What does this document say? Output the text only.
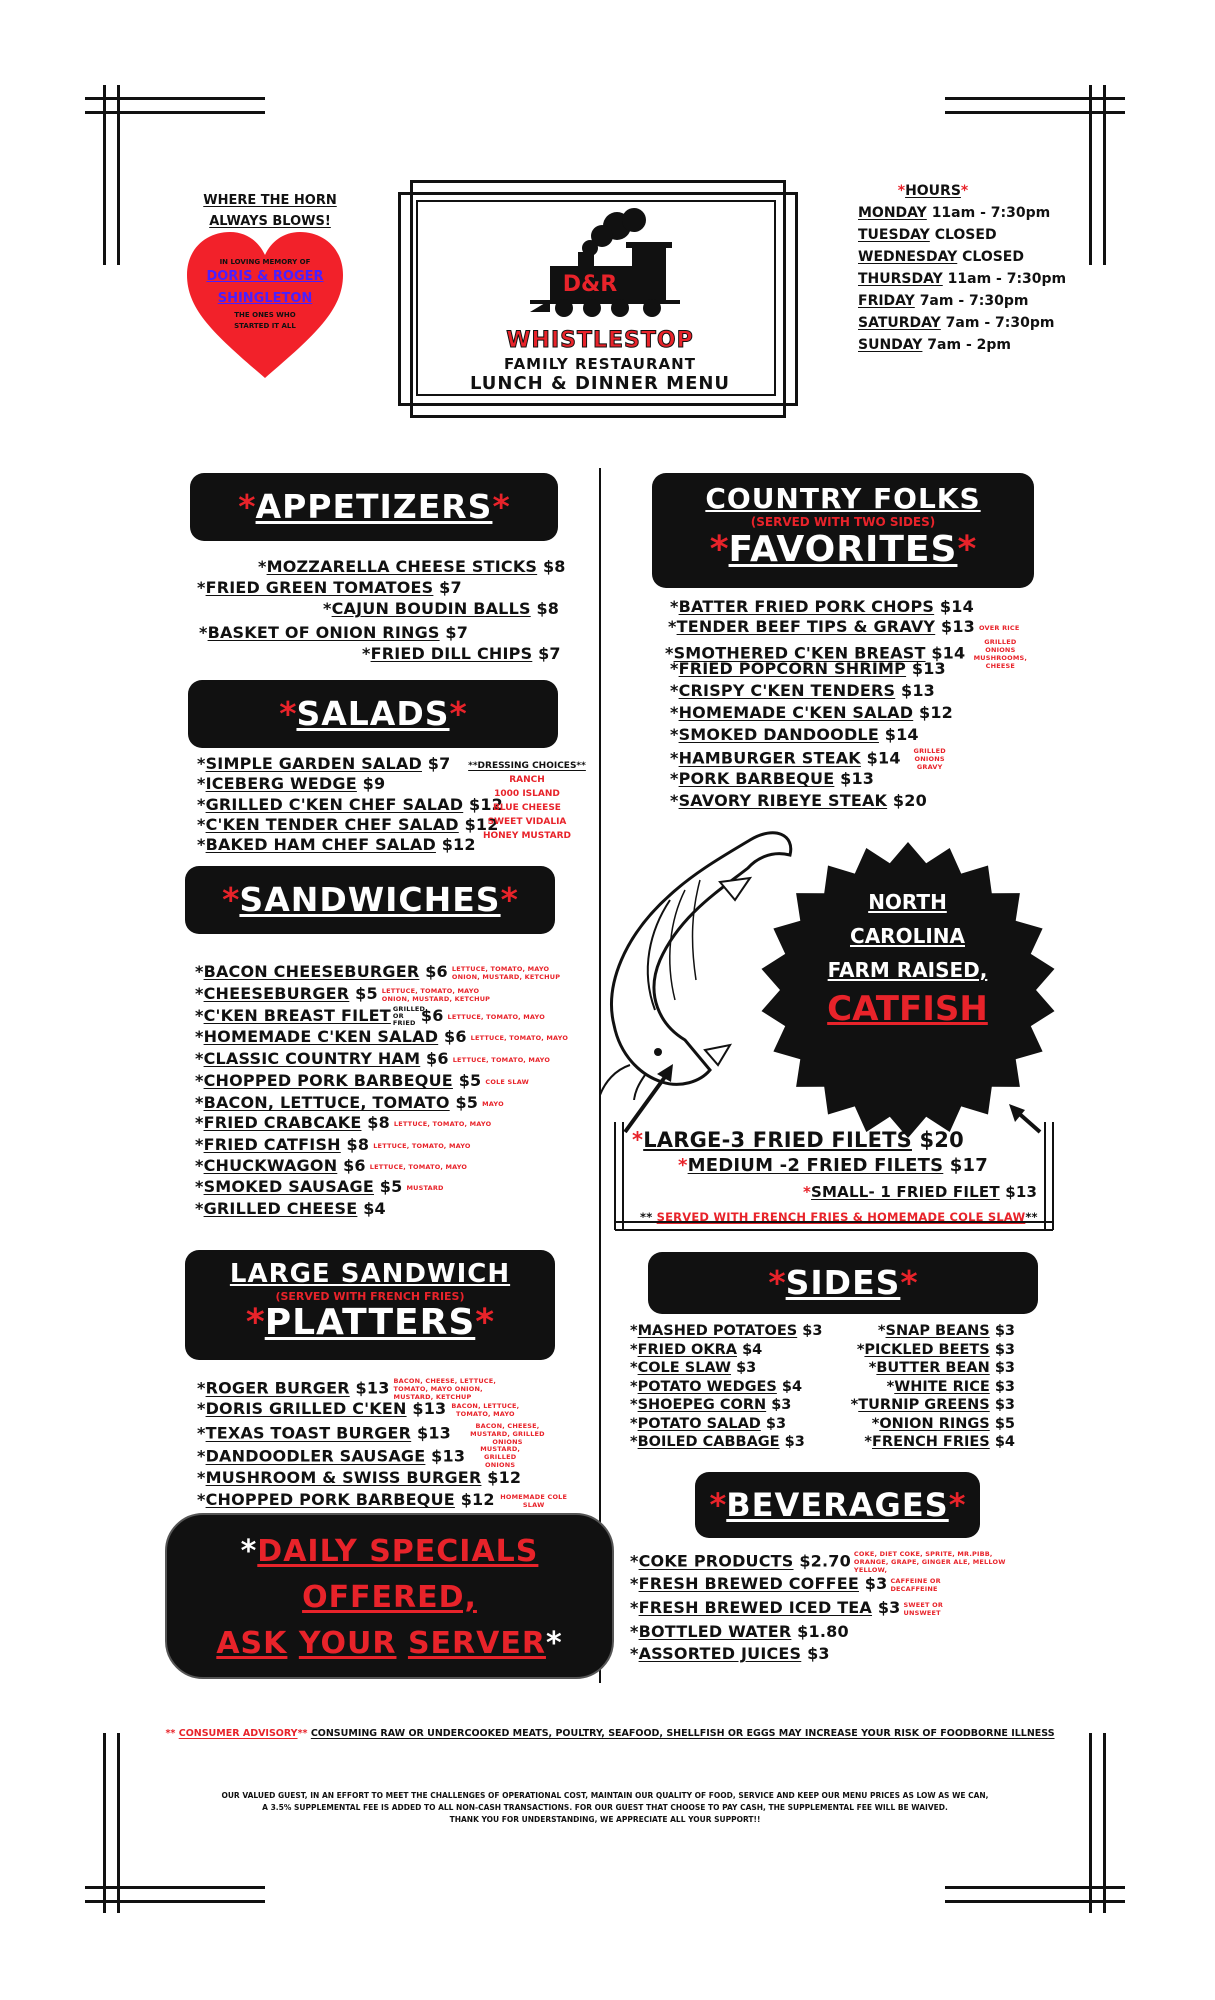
WHERE THE HORN
ALWAYS BLOWS!
IN LOVING MEMORY OF
DORIS & ROGER
SHINGLETON
THE ONES WHO
STARTED IT ALL
D&R
WHISTLESTOP
FAMILY RESTAURANT
LUNCH & DINNER MENU
*HOURS*
MONDAY 11am - 7:30pm
TUESDAY CLOSED
WEDNESDAY CLOSED
THURSDAY 11am - 7:30pm
FRIDAY 7am - 7:30pm
SATURDAY 7am - 7:30pm
SUNDAY 7am - 2pm
*APPETIZERS*
*MOZZARELLA CHEESE STICKS $8
*FRIED GREEN TOMATOES $7
*CAJUN BOUDIN BALLS $8
*BASKET OF ONION RINGS $7
*FRIED DILL CHIPS $7
*SALADS*
*SIMPLE GARDEN SALAD $7
*ICEBERG WEDGE $9
*GRILLED C'KEN CHEF SALAD $12
*C'KEN TENDER CHEF SALAD $12
*BAKED HAM CHEF SALAD $12
**DRESSING CHOICES**
RANCH
1000 ISLAND
BLUE CHEESE
SWEET VIDALIA
HONEY MUSTARD
*SANDWICHES*
*BACON CHEESEBURGER $6 LETTUCE, TOMATO, MAYO ONION, MUSTARD, KETCHUP
*CHEESEBURGER $5 LETTUCE, TOMATO, MAYO ONION, MUSTARD, KETCHUP
*C'KEN BREAST FILET GRILLED OR FRIED $6 LETTUCE, TOMATO, MAYO
*HOMEMADE C'KEN SALAD $6 LETTUCE, TOMATO, MAYO
*CLASSIC COUNTRY HAM $6 LETTUCE, TOMATO, MAYO
*CHOPPED PORK BARBEQUE $5 COLE SLAW
*BACON, LETTUCE, TOMATO $5 MAYO
*FRIED CRABCAKE $8 LETTUCE, TOMATO, MAYO
*FRIED CATFISH $8 LETTUCE, TOMATO, MAYO
*CHUCKWAGON $6 LETTUCE, TOMATO, MAYO
*SMOKED SAUSAGE $5 MUSTARD
*GRILLED CHEESE $4
LARGE SANDWICH
(SERVED WITH FRENCH FRIES)
*PLATTERS*
*ROGER BURGER $13 BACON, CHEESE, LETTUCE, TOMATO, MAYO ONION, MUSTARD, KETCHUP
*DORIS GRILLED C'KEN $13 BACON, LETTUCE, TOMATO, MAYO
*TEXAS TOAST BURGER $13	BACON, CHEESE, MUSTARD, GRILLED ONIONS
*DANDOODLER SAUSAGE $13 MUSTARD, GRILLED ONIONS
*MUSHROOM & SWISS BURGER $12
*CHOPPED PORK BARBEQUE $12 HOMEMADE COLE SLAW
*DAILY SPECIALS
OFFERED,
ASK YOUR SERVER*
COUNTRY FOLKS
(SERVED WITH TWO SIDES)
*FAVORITES*
*BATTER FRIED PORK CHOPS $14
*TENDER BEEF TIPS & GRAVY $13 OVER RICE
*SMOTHERED C'KEN BREAST $14GRILLED ONIONS MUSHROOMS, CHEESE
*FRIED POPCORN SHRIMP $13
*CRISPY C'KEN TENDERS $13
*HOMEMADE C'KEN SALAD $12
*SMOKED DANDOODLE $14
*HAMBURGER STEAK $14 GRILLED ONIONS GRAVY
*PORK BARBEQUE $13
*SAVORY RIBEYE STEAK $20
NORTH
CAROLINA
FARM RAISED,
CATFISH
*LARGE-3 FRIED FILETS $20
*MEDIUM -2 FRIED FILETS $17
*SMALL- 1 FRIED FILET $13
** SERVED WITH FRENCH FRIES & HOMEMADE COLE SLAW**
*SIDES*
*MASHED POTATOES $3
*FRIED OKRA $4
*COLE SLAW $3
*POTATO WEDGES $4
*SHOEPEG CORN $3
*POTATO SALAD $3
*BOILED CABBAGE $3
*SNAP BEANS $3
*PICKLED BEETS $3
*BUTTER BEAN $3
*WHITE RICE $3
*TURNIP GREENS $3
*ONION RINGS $5
*FRENCH FRIES $4
*BEVERAGES*
*COKE PRODUCTS $2.70 COKE, DIET COKE, SPRITE, MR.PIBB, ORANGE, GRAPE, GINGER ALE, MELLOW YELLOW,
*FRESH BREWED COFFEE $3 CAFFEINE OR DECAFFEINE
*FRESH BREWED ICED TEA $3 SWEET OR UNSWEET
*BOTTLED WATER $1.80
*ASSORTED JUICES $3
** CONSUMER ADVISORY** CONSUMING RAW OR UNDERCOOKED MEATS, POULTRY, SEAFOOD, SHELLFISH OR EGGS MAY INCREASE YOUR RISK OF FOODBORNE ILLNESS
OUR VALUED GUEST, IN AN EFFORT TO MEET THE CHALLENGES OF OPERATIONAL COST, MAINTAIN OUR QUALITY OF FOOD, SERVICE AND KEEP OUR MENU PRICES AS LOW AS WE CAN,
A 3.5% SUPPLEMENTAL FEE IS ADDED TO ALL NON-CASH TRANSACTIONS. FOR OUR GUEST THAT CHOOSE TO PAY CASH, THE SUPPLEMENTAL FEE WILL BE WAIVED.
THANK YOU FOR UNDERSTANDING, WE APPRECIATE ALL YOUR SUPPORT!!
